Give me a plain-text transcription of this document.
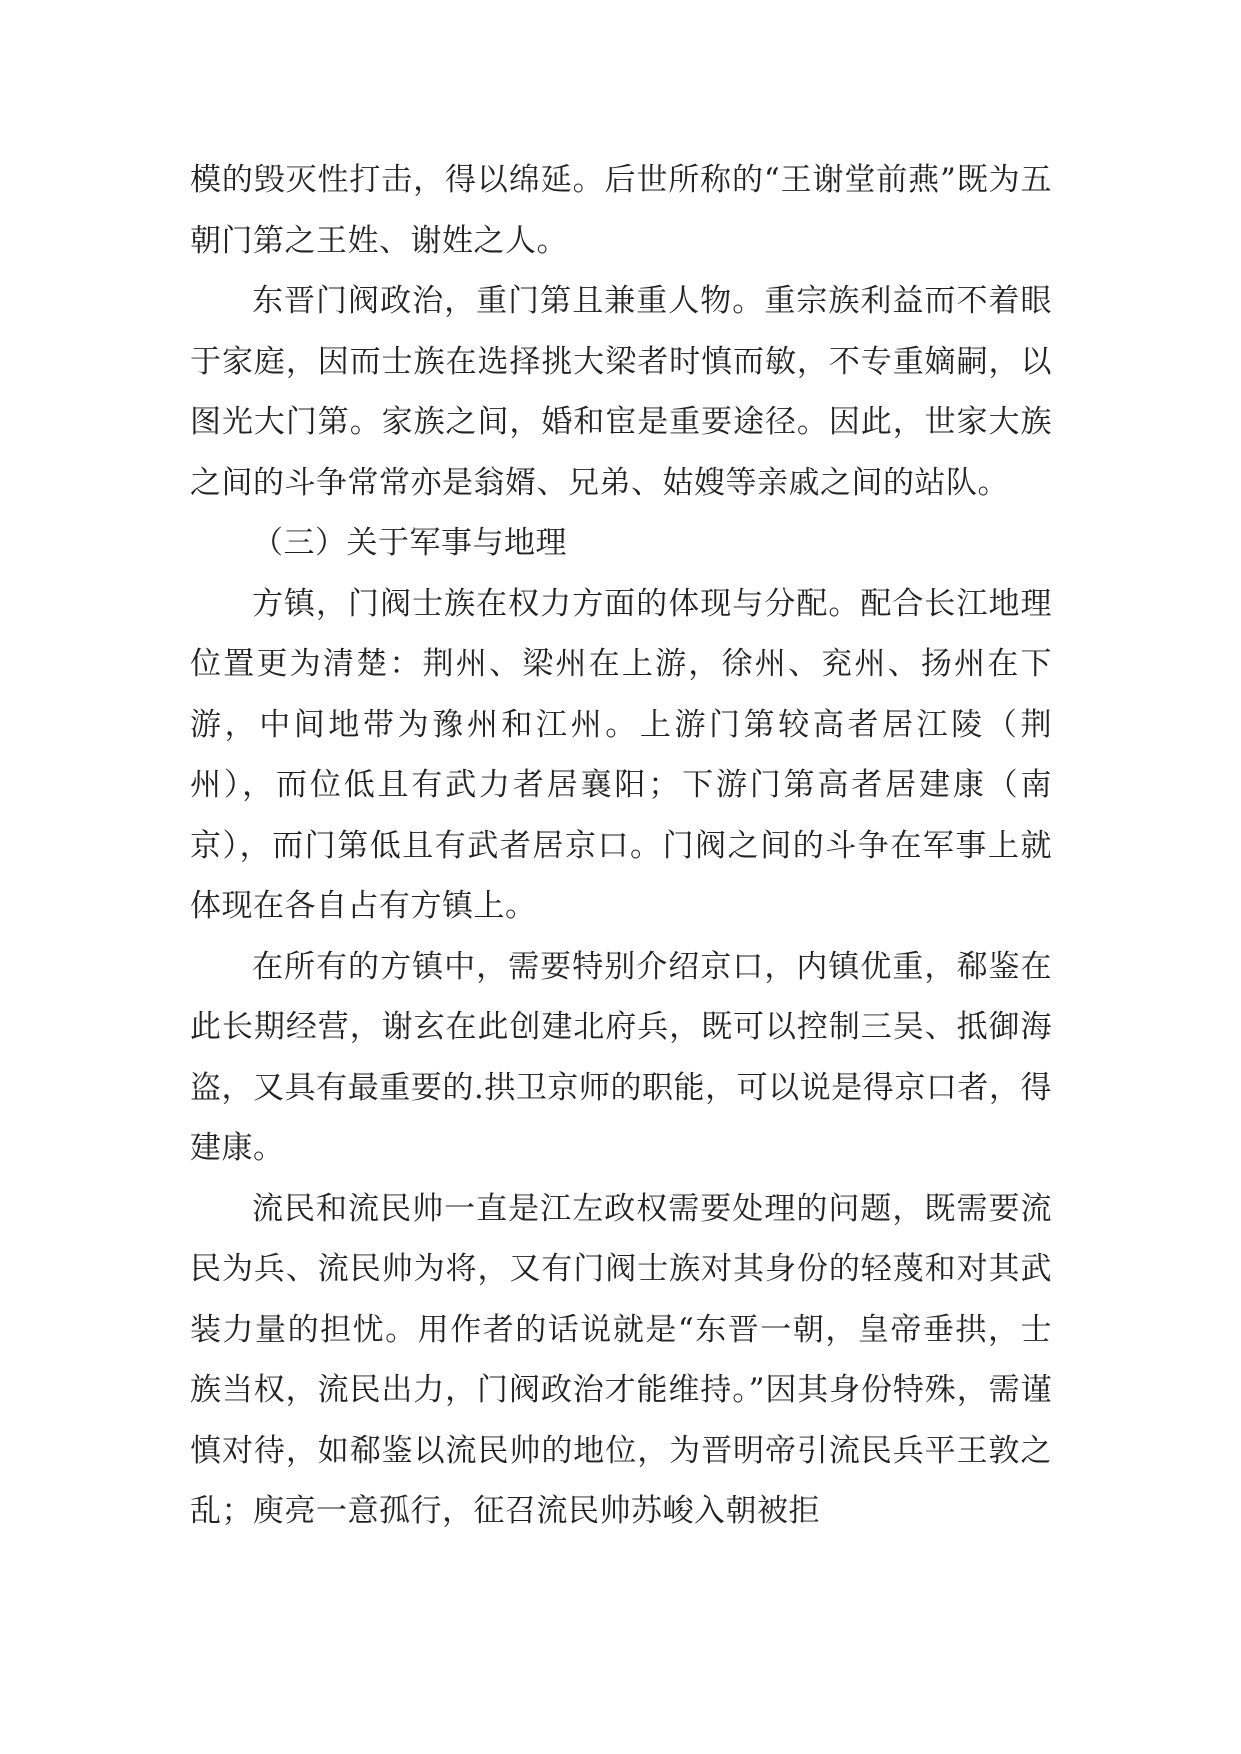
模的毁灭性打击，得以绵延。后世所称的“王谢堂前燕”既为五朝门第之王姓、谢姓之人。

东晋门阀政治，重门第且兼重人物。重宗族利益而不着眼于家庭，因而士族在选择挑大梁者时慎而敏，不专重嫡嗣，以图光大门第。家族之间，婚和宦是重要途径。因此，世家大族之间的斗争常常亦是翁婿、兄弟、姑嫂等亲戚之间的站队。

（三）关于军事与地理

方镇，门阀士族在权力方面的体现与分配。配合长江地理位置更为清楚：荆州、梁州在上游，徐州、兖州、扬州在下游，中间地带为豫州和江州。上游门第较高者居江陵（荆州），而位低且有武力者居襄阳；下游门第高者居建康（南京），而门第低且有武者居京口。门阀之间的斗争在军事上就体现在各自占有方镇上。

在所有的方镇中，需要特别介绍京口，内镇优重，郗鉴在此长期经营，谢玄在此创建北府兵，既可以控制三吴、抵御海盗，又具有最重要的.拱卫京师的职能，可以说是得京口者，得建康。

流民和流民帅一直是江左政权需要处理的问题，既需要流民为兵、流民帅为将，又有门阀士族对其身份的轻蔑和对其武装力量的担忧。用作者的话说就是“东晋一朝，皇帝垂拱，士族当权，流民出力，门阀政治才能维持。”因其身份特殊，需谨慎对待，如郗鉴以流民帅的地位，为晋明帝引流民兵平王敦之乱；庾亮一意孤行，征召流民帅苏峻入朝被拒
